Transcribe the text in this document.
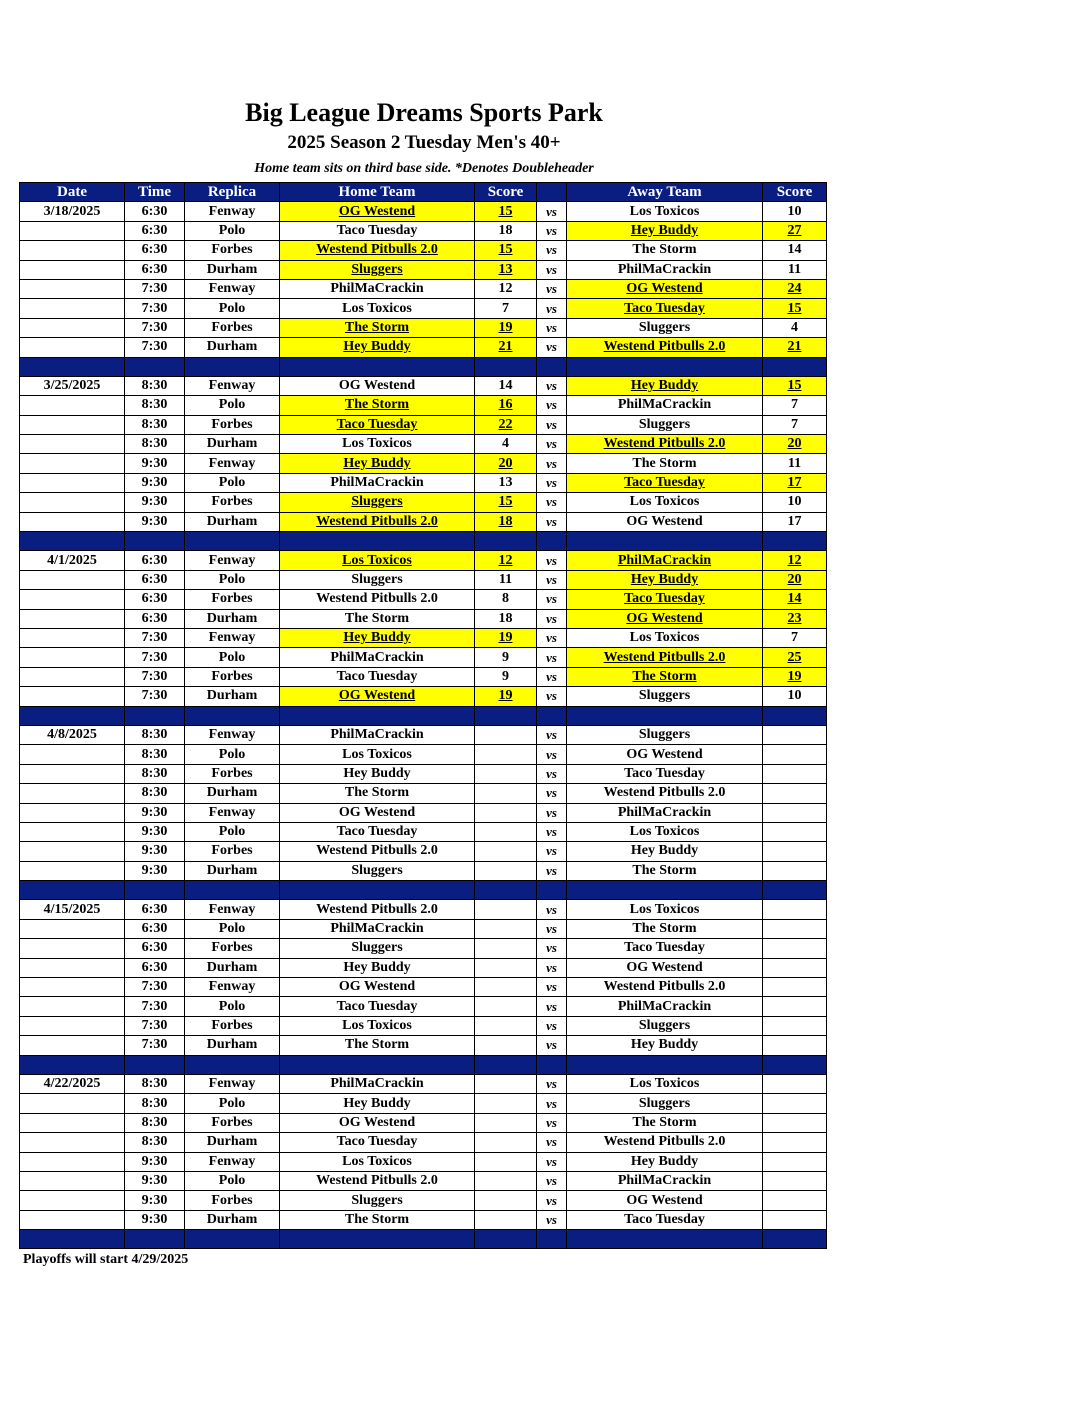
Big League Dreams Sports Park
2025 Season 2 Tuesday Men's 40+
Home team sits on third base side. *Denotes Doubleheader
Date	Time	Replica	Home Team	Score		Away Team	Score
3/18/2025	6:30	Fenway	OG Westend	15	vs	Los Toxicos	10
	6:30	Polo	Taco Tuesday	18	vs	Hey Buddy	27
	6:30	Forbes	Westend Pitbulls 2.0	15	vs	The Storm	14
	6:30	Durham	Sluggers	13	vs	PhilMaCrackin	11
	7:30	Fenway	PhilMaCrackin	12	vs	OG Westend	24
	7:30	Polo	Los Toxicos	7	vs	Taco Tuesday	15
	7:30	Forbes	The Storm	19	vs	Sluggers	4
	7:30	Durham	Hey Buddy	21	vs	Westend Pitbulls 2.0	21

3/25/2025	8:30	Fenway	OG Westend	14	vs	Hey Buddy	15
	8:30	Polo	The Storm	16	vs	PhilMaCrackin	7
	8:30	Forbes	Taco Tuesday	22	vs	Sluggers	7
	8:30	Durham	Los Toxicos	4	vs	Westend Pitbulls 2.0	20
	9:30	Fenway	Hey Buddy	20	vs	The Storm	11
	9:30	Polo	PhilMaCrackin	13	vs	Taco Tuesday	17
	9:30	Forbes	Sluggers	15	vs	Los Toxicos	10
	9:30	Durham	Westend Pitbulls 2.0	18	vs	OG Westend	17

4/1/2025	6:30	Fenway	Los Toxicos	12	vs	PhilMaCrackin	12
	6:30	Polo	Sluggers	11	vs	Hey Buddy	20
	6:30	Forbes	Westend Pitbulls 2.0	8	vs	Taco Tuesday	14
	6:30	Durham	The Storm	18	vs	OG Westend	23
	7:30	Fenway	Hey Buddy	19	vs	Los Toxicos	7
	7:30	Polo	PhilMaCrackin	9	vs	Westend Pitbulls 2.0	25
	7:30	Forbes	Taco Tuesday	9	vs	The Storm	19
	7:30	Durham	OG Westend	19	vs	Sluggers	10

4/8/2025	8:30	Fenway	PhilMaCrackin		vs	Sluggers	
	8:30	Polo	Los Toxicos		vs	OG Westend	
	8:30	Forbes	Hey Buddy		vs	Taco Tuesday	
	8:30	Durham	The Storm		vs	Westend Pitbulls 2.0	
	9:30	Fenway	OG Westend		vs	PhilMaCrackin	
	9:30	Polo	Taco Tuesday		vs	Los Toxicos	
	9:30	Forbes	Westend Pitbulls 2.0		vs	Hey Buddy	
	9:30	Durham	Sluggers		vs	The Storm	

4/15/2025	6:30	Fenway	Westend Pitbulls 2.0		vs	Los Toxicos	
	6:30	Polo	PhilMaCrackin		vs	The Storm	
	6:30	Forbes	Sluggers		vs	Taco Tuesday	
	6:30	Durham	Hey Buddy		vs	OG Westend	
	7:30	Fenway	OG Westend		vs	Westend Pitbulls 2.0	
	7:30	Polo	Taco Tuesday		vs	PhilMaCrackin	
	7:30	Forbes	Los Toxicos		vs	Sluggers	
	7:30	Durham	The Storm		vs	Hey Buddy	

4/22/2025	8:30	Fenway	PhilMaCrackin		vs	Los Toxicos	
	8:30	Polo	Hey Buddy		vs	Sluggers	
	8:30	Forbes	OG Westend		vs	The Storm	
	8:30	Durham	Taco Tuesday		vs	Westend Pitbulls 2.0	
	9:30	Fenway	Los Toxicos		vs	Hey Buddy	
	9:30	Polo	Westend Pitbulls 2.0		vs	PhilMaCrackin	
	9:30	Forbes	Sluggers		vs	OG Westend	
	9:30	Durham	The Storm		vs	Taco Tuesday	

Playoffs will start 4/29/2025
